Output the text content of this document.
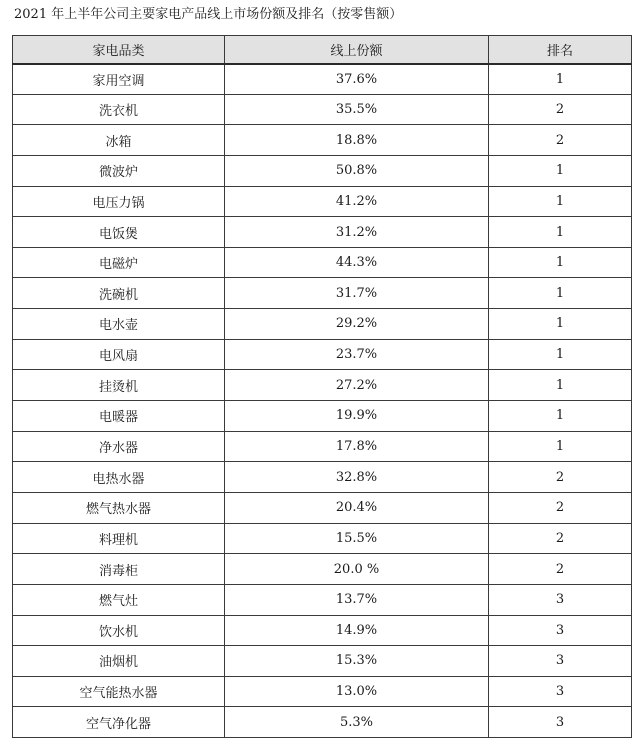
2021 年上半年公司主要家电产品线上市场份额及排名（按零售额）
家电品类	线上份额	排名
家用空调	37.6%	1
洗衣机	35.5%	2
冰箱	18.8%	2
微波炉	50.8%	1
电压力锅	41.2%	1
电饭煲	31.2%	1
电磁炉	44.3%	1
洗碗机	31.7%	1
电水壶	29.2%	1
电风扇	23.7%	1
挂烫机	27.2%	1
电暖器	19.9%	1
净水器	17.8%	1
电热水器	32.8%	2
燃气热水器	20.4%	2
料理机	15.5%	2
消毒柜	20.0 %	2
燃气灶	13.7%	3
饮水机	14.9%	3
油烟机	15.3%	3
空气能热水器	13.0%	3
空气净化器	5.3%	3
